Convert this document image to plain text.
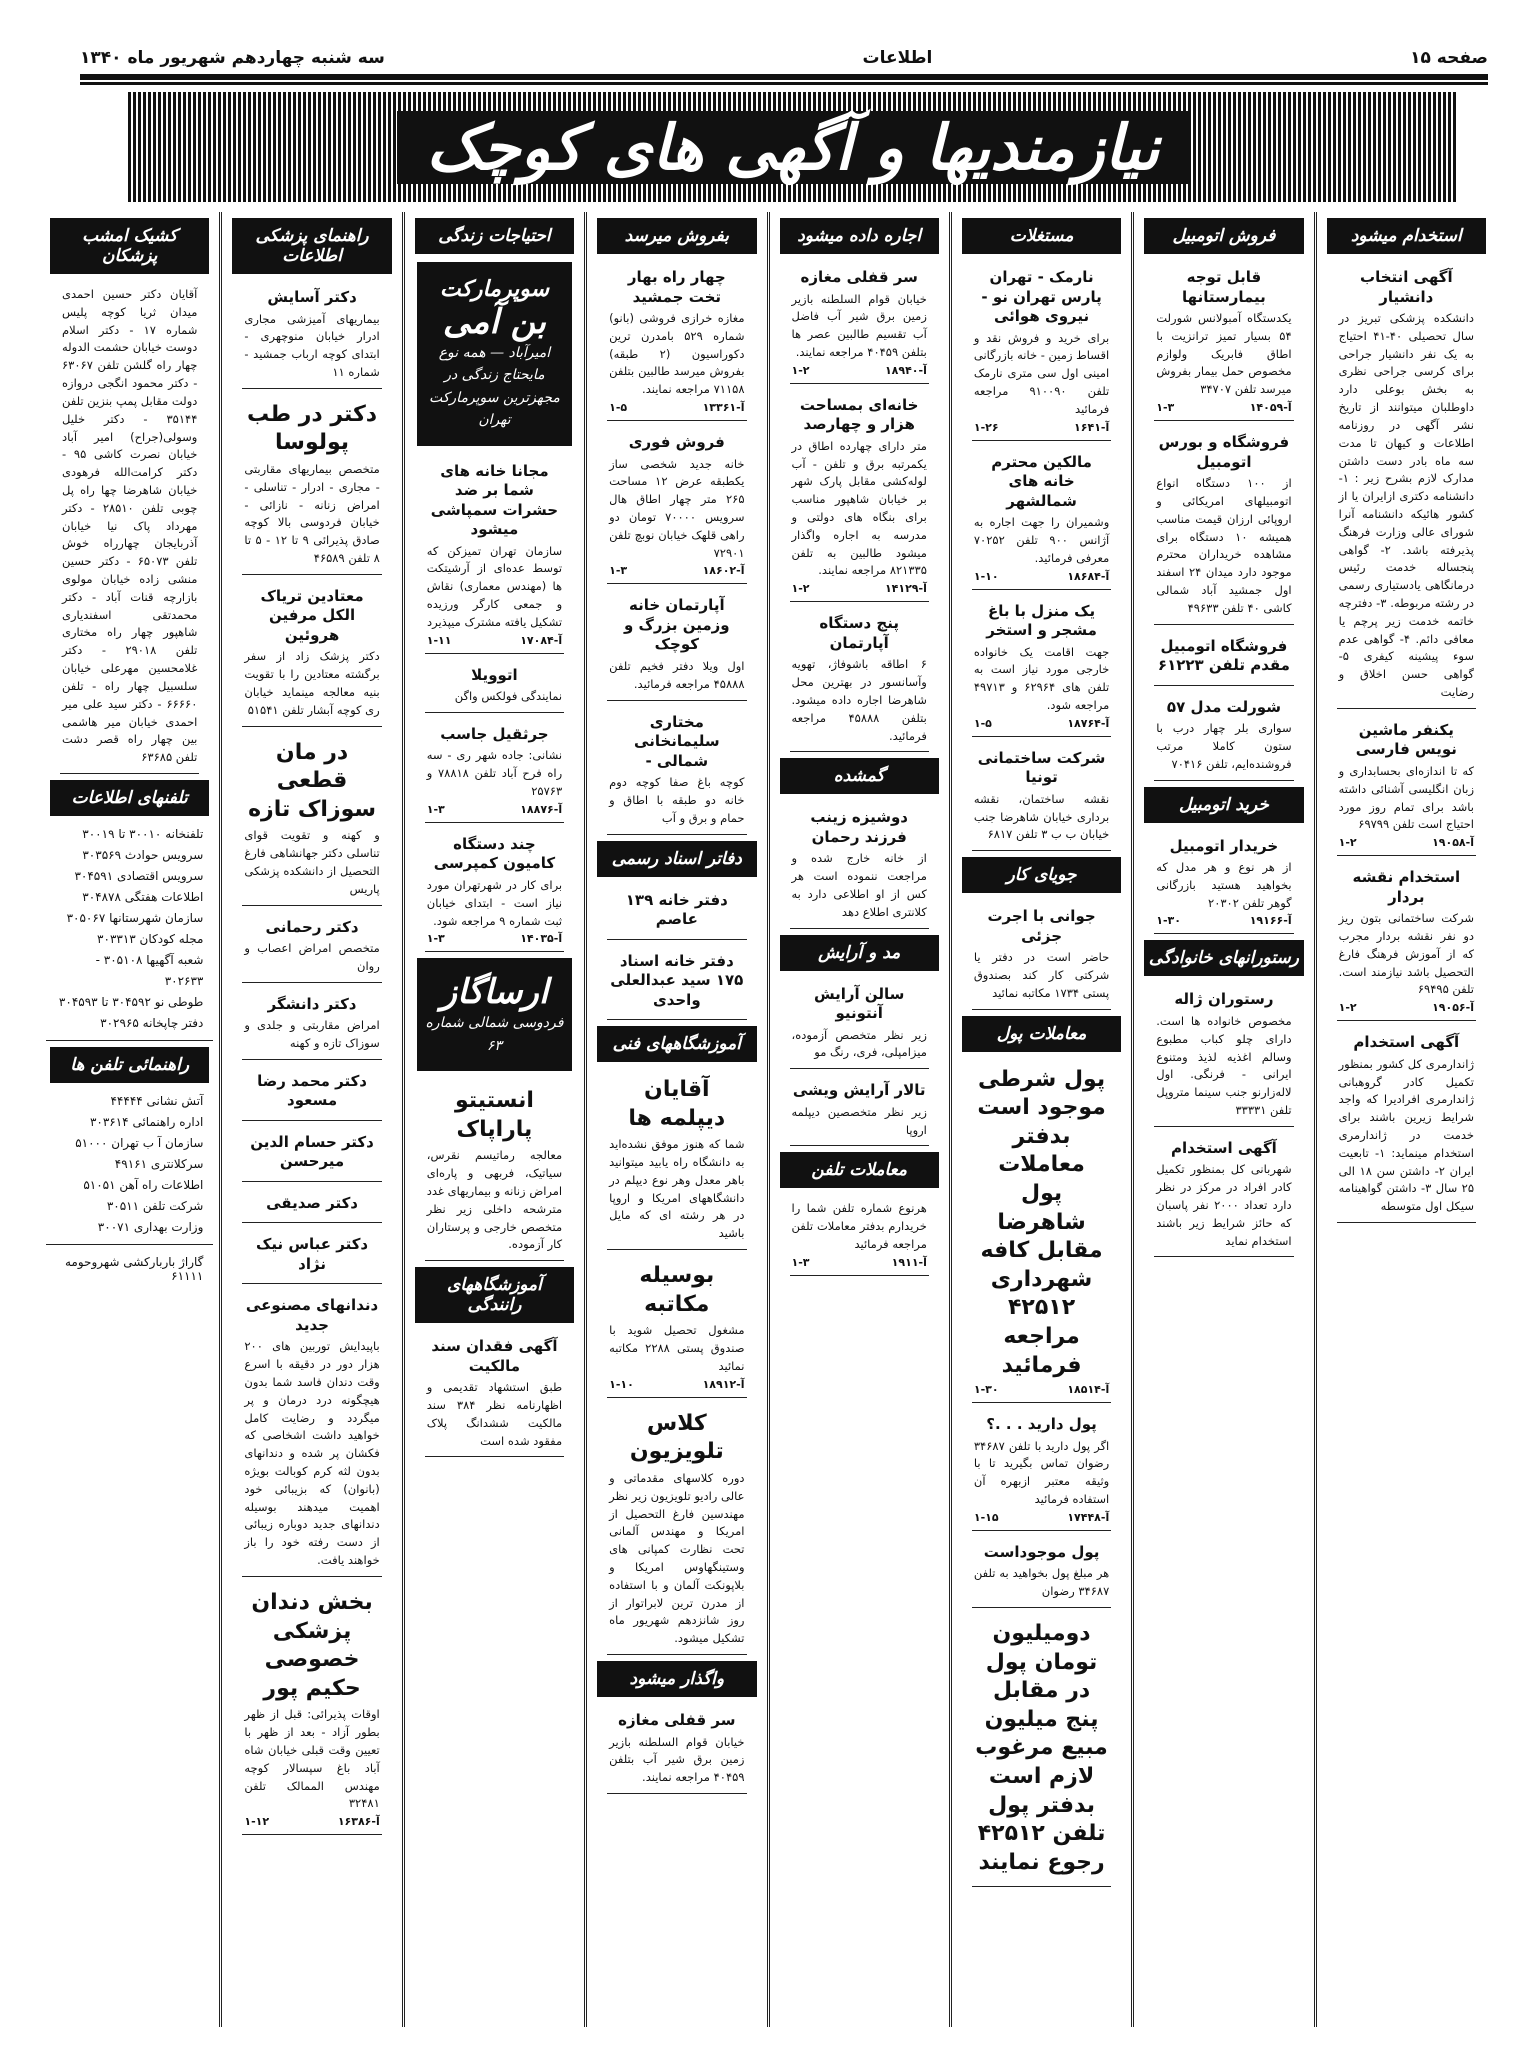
صفحه ۱۵
اطلاعات
سه شنبه چهاردهم شهریور ماه ۱۳۴۰
نیازمندیها و آگهی های کوچک
استخدام میشود
آگهی انتخاب دانشیار
دانشکده پزشکی تبریز در سال تحصیلی ۴۰-۴۱ احتیاج به یک نفر دانشیار جراحی برای کرسی جراحی نظری به بخش بوعلی دارد داوطلبان میتوانند از تاریخ نشر آگهی در روزنامه اطلاعات و کیهان تا مدت سه ماه بادر دست داشتن مدارک لازم بشرح زیر : ۱- دانشنامه دکتری ازایران یا از کشور هائیکه دانشنامه آنرا شورای عالی وزارت فرهنگ پذیرفته باشد. ۲- گواهی پنجساله خدمت رئیس درمانگاهی یادستیاری رسمی در رشته مربوطه. ۳- دفترچه خاتمه خدمت زیر پرچم یا معافی دائم. ۴- گواهی عدم سوء پیشینه کیفری ۵- گواهی حسن اخلاق و رضایت
یکنفر ماشین نویس فارسی
که تا اندازه‌ای بحسابداری و زبان انگلیسی آشنائی داشته باشد برای تمام روز مورد احتیاج است تلفن ۶۹۷۹۹
آ-۱۹۰۵۸
۱-۲
استخدام نقشه بردار
شرکت ساختمانی بتون ریز دو نفر نقشه بردار مجرب که از آموزش فرهنگ فارغ التحصیل باشد نیازمند است. تلفن ۶۹۴۹۵
آ-۱۹۰۵۶
۱-۲
آگهی استخدام
ژاندارمری کل کشور بمنظور تکمیل کادر گروهبانی ژاندارمری افرادیرا که واجد شرایط زیرین باشند برای خدمت در ژاندارمری استخدام مینماید: ۱- تابعیت ایران ۲- داشتن سن ۱۸ الی ۲۵ سال ۳- داشتن گواهینامه سیکل اول متوسطه
فروش اتومبیل
قابل توجه بیمارستانها
یکدستگاه آمبولانس شورلت ۵۴ بسیار تمیز ترانزیت با اطاق فابریک ولوازم مخصوص حمل بیمار بفروش میرسد تلفن ۳۴۷۰۷
آ-۱۴۰۵۹
۱-۳
فروشگاه و بورس اتومبیل
از ۱۰۰ دستگاه انواع اتومبیلهای امریکائی و اروپائی ارزان قیمت مناسب همیشه ۱۰ دستگاه برای مشاهده خریداران محترم موجود دارد میدان ۲۴ اسفند اول جمشید آباد شمالی کاشی ۴۰ تلفن ۴۹۶۳۳
فروشگاه اتومبیل مقدم تلفن ۶۱۲۲۳
شورلت مدل ۵۷
سواری بلر چهار درب با ستون کاملا مرتب فروشنده‌ایم، تلفن ۷۰۴۱۶
خرید اتومبیل
خریدار اتومبیل
از هر نوع و هر مدل که بخواهید هستید بازرگانی گوهر تلفن ۲۰۳۰۲
آ-۱۹۱۶۶
۱-۳۰
رستورانهای خانوادگی
رستوران ژاله
مخصوص خانواده ها است. دارای چلو کباب مطبوع وسالم اغذیه لذیذ ومتنوع ایرانی - فرنگی. اول لاله‌زارنو جنب سینما متروپل تلفن ۳۳۳۳۱
آگهی استخدام
شهربانی کل بمنظور تکمیل کادر افراد در مرکز در نظر دارد تعداد ۲۰۰۰ نفر پاسبان که حائز شرایط زیر باشند استخدام نماید
مستغلات
نارمک - تهران پارس تهران نو - نیروی هوائی
برای خرید و فروش نقد و اقساط زمین - خانه بازرگانی امینی اول سی متری نارمک تلفن ۹۱۰۰۹۰ مراجعه فرمائید
آ-۱۶۴۱
۱-۲۶
مالکین محترم خانه های شمالشهر
وشمیران را جهت اجاره به آژانس ۹۰۰ تلفن ۷۰۲۵۲ معرفی فرمائید.
آ-۱۸۶۸۴
۱-۱۰
یک منزل با باغ مشجر و استخر
جهت اقامت یک خانواده خارجی مورد نیاز است به تلفن های ۶۲۹۶۴ و ۴۹۷۱۳ مراجعه شود.
آ-۱۸۷۶۴
۱-۵
شرکت ساختمانی تونیا
نقشه ساختمان، نقشه برداری خیابان شاهرضا جنب خیابان ب ب ۳ تلفن ۶۸۱۷
جویای کار
جوانی با اجرت جزئی
حاضر است در دفتر یا شرکتی کار کند بصندوق پستی ۱۷۳۴ مکاتبه نمائید
معاملات پول
پول شرطی موجود است بدفتر معاملات پول شاهرضا مقابل کافه شهرداری ۴۲۵۱۲ مراجعه فرمائید
آ-۱۸۵۱۴
۱-۳۰
پول دارید . . .؟
اگر پول دارید با تلفن ۳۴۶۸۷ رضوان تماس بگیرید تا با وثیقه معتبر ازبهره آن استفاده فرمائید
آ-۱۷۴۴۸
۱-۱۵
پول موجوداست
هر مبلغ پول بخواهید به تلفن ۳۴۶۸۷ رضوان
دومیلیون تومان پول در مقابل پنج میلیون مبیع مرغوب لازم است بدفتر پول تلفن ۴۲۵۱۲ رجوع نمایند
اجاره داده میشود
سر قفلی مغازه
خیابان قوام السلطنه بازیر زمین برق شیر آب فاضل آب تقسیم طالبین عصر ها بتلفن ۴۰۴۵۹ مراجعه نمایند.
آ-۱۸۹۴۰
۱-۲
خانه‌ای بمساحت هزار و چهارصد
متر دارای چهارده اطاق در یکمرتبه برق و تلفن - آب لوله‌کشی مقابل پارک شهر بر خیابان شاهپور مناسب برای بنگاه های دولتی و مدرسه به اجاره واگذار میشود طالبین به تلفن ۸۲۱۳۳۵ مراجعه نمایند.
آ-۱۴۱۲۹
۱-۲
پنج دستگاه آپارتمان
۶ اطاقه باشوفاژ، تهویه وآسانسور در بهترین محل شاهرضا اجاره داده میشود. بتلفن ۴۵۸۸۸ مراجعه فرمائید.
گمشده
دوشیزه زینب فرزند رحمان
از خانه خارج شده و مراجعت ننموده است هر کس از او اطلاعی دارد به کلانتری اطلاع دهد
مد و آرایش
سالن آرایش آنتونیو
زیر نظر متخصص آزموده، میزامپلی، فری، رنگ مو
تالار آرایش ویشی
زیر نظر متخصصین دیپلمه اروپا
معاملات تلفن
هرنوع شماره تلفن شما را خریدارم بدفتر معاملات تلفن مراجعه فرمائید
آ-۱۹۱۱
۱-۳
بفروش میرسد
چهار راه بهار تخت جمشید
مغازه خرازی فروشی (بانو) شماره ۵۲۹ بامدرن ترین دکوراسیون (۲ طبقه) بفروش میرسد طالبین بتلفن ۷۱۱۵۸ مراجعه نمایند.
آ-۱۳۳۶۱
۱-۵
فروش فوری
خانه جدید شخصی ساز یکطبقه عرض ۱۲ مساحت ۲۶۵ متر چهار اطاق هال سرویس ۷۰۰۰۰ تومان دو راهی قلهک خیابان نوبچ تلفن ۷۲۹۰۱
آ-۱۸۶۰۲
۱-۳
آپارتمان خانه وزمین بزرگ و کوچک
اول ویلا دفتر فخیم تلفن ۴۵۸۸۸ مراجعه فرمائید.
مختاری سلیمانخانی شمالی -
کوچه باغ صفا کوچه دوم خانه دو طبقه با اطاق و حمام و برق و آب
دفاتر اسناد رسمی
دفتر خانه ۱۳۹ عاصم
دفتر خانه اسناد ۱۷۵ سید عبدالعلی واحدی
آموزشگاههای فنی
آقایان دیپلمه ها
شما که هنوز موفق نشده‌اید به دانشگاه راه یابید میتوانید باهر معدل وهر نوع دیپلم در دانشگاههای امریکا و اروپا در هر رشته ای که مایل باشید
بوسیله مکاتبه
مشغول تحصیل شوید با صندوق پستی ۲۲۸۸ مکاتبه نمائید
آ-۱۸۹۱۲
۱-۱۰
کلاس تلویزیون
دوره کلاسهای مقدماتی و عالی رادیو تلویزیون زیر نظر مهندسین فارغ التحصیل از امریکا و مهندس آلمانی تحت نظارت کمپانی های وستینگهاوس امریکا و بلاپونکت آلمان و با استفاده از مدرن ترین لابراتوار از روز شانزدهم شهریور ماه تشکیل میشود.
واگذار میشود
سر قفلی مغازه
خیابان قوام السلطنه بازیر زمین برق شیر آب بتلفن ۴۰۴۵۹ مراجعه نمایند.
احتیاجات زندگی
سوپرمارکت
بن آمی
امیرآباد — همه نوع مایحتاج زندگی در مجهزترین سوپرمارکت تهران
مجانا خانه های شما بر ضد حشرات سمپاشی میشود
سازمان تهران تمیزکن که توسط عده‌ای از آرشیتکت ها (مهندس معماری) نقاش و جمعی کارگر ورزیده تشکیل یافته مشترک میپذیرد
آ-۱۷۰۸۴
۱-۱۱
اتوویلا
نمایندگی فولکس واگن
جرثقیل جاسب
نشانی: جاده شهر ری - سه راه فرح آباد تلفن ۷۸۸۱۸ و ۲۵۷۶۳
آ-۱۸۸۷۶
۱-۳
چند دستگاه کامیون کمپرسی
برای کار در شهرتهران مورد نیاز است - ابتدای خیابان ثبت شماره ۹ مراجعه شود.
آ-۱۴۰۳۵
۱-۳
ارساگاز
فردوسی شمالی شماره ۶۳
انستیتو پاراپاک
معالجه رماتیسم نقرس، سیاتیک، فربهی و پاره‌ای امراض زنانه و بیماریهای غدد مترشحه داخلی زیر نظر متخصص خارجی و پرستاران کار آزموده.
آموزشگاههای رانندگی
آگهی فقدان سند مالکیت
طبق استشهاد تقدیمی و اظهارنامه نظر ۳۸۴ سند مالکیت ششدانگ پلاک مفقود شده است
راهنمای پزشکی اطلاعات
دکتر آسایش
بیماریهای آمیزشی مجاری ادرار خیابان منوچهری - ابتدای کوچه ارباب جمشید - شماره ۱۱
دکتر در طب پولوسا
متخصص بیماریهای مقاربتی - مجاری - ادرار - تناسلی - امراض زنانه - نازائی - خیابان فردوسی بالا کوچه صادق پذیرائی ۹ تا ۱۲ - ۵ تا ۸ تلفن ۴۶۵۸۹
معتادین تریاک الکل مرفین هروئین
دکتر پزشک زاد از سفر برگشته معتادین را با تقویت بنیه معالجه مینماید خیابان ری کوچه آبشار تلفن ۵۱۵۴۱
در مان قطعی سوزاک تازه
و کهنه و تقویت قوای تناسلی دکتر جهانشاهی فارغ التحصیل از دانشکده پزشکی پاریس
دکتر رحمانی
متخصص امراض اعصاب و روان
دکتر دانشگر
امراض مقاربتی و جلدی و سوزاک تازه و کهنه
دکتر محمد رضا مسعود
دکتر حسام الدین میرحسن
دکتر صدیقی
دکتر عباس نیک نژاد
دندانهای مصنوعی جدید
باپیدایش توربین های ۲۰۰ هزار دور در دقیقه با اسرع وقت دندان فاسد شما بدون هیچگونه درد درمان و پر میگردد و رضایت کامل خواهید داشت اشخاصی که فکشان پر شده و دندانهای بدون لثه کرم کوبالت بویژه (بانوان) که بزیبائی خود اهمیت میدهند بوسیله دندانهای جدید دوباره زیبائی از دست رفته خود را باز خواهند یافت.
بخش دندان پزشکی خصوصی حکیم پور
اوقات پذیرائی: قبل از ظهر بطور آزاد - بعد از ظهر با تعیین وقت قبلی خیابان شاه آباد باغ سپسالار کوچه مهندس الممالک تلفن ۳۲۴۸۱
آ-۱۶۳۸۶
۱-۱۲
کشیک امشب پزشکان
آقایان دکتر حسین احمدی میدان ثریا کوچه پلیس شماره ۱۷ - دکتر اسلام دوست خیابان حشمت الدوله چهار راه گلشن تلفن ۶۳۰۶۷ - دکتر محمود انگجی دروازه دولت مقابل پمپ بنزین تلفن ۳۵۱۴۴ - دکتر خلیل وسولی(جراح) امیر آباد خیابان نصرت کاشی ۹۵ - دکتر کرامت‌الله فرهودی خیابان شاهرضا چها راه پل چوبی تلفن ۲۸۵۱۰ - دکتر مهرداد پاک نیا خیابان آذربایجان چهارراه خوش تلفن ۶۵۰۷۳ - دکتر حسین منشی زاده خیابان مولوی بازارچه قنات آباد - دکتر محمدتقی اسفندیاری شاهپور چهار راه مختاری تلفن ۲۹۰۱۸ - دکتر غلامحسین مهرعلی خیابان سلسبیل چهار راه - تلفن ۶۶۶۶۰ - دکتر سید علی میر احمدی خیابان میر هاشمی بین چهار راه قصر دشت تلفن ۶۳۶۸۵
تلفنهای اطلاعات
تلفنخانه ۳۰۰۱۰ تا ۳۰۰۱۹
سرویس حوادث ۳۰۳۵۶۹
سرویس اقتصادی ۳۰۴۵۹۱
اطلاعات هفتگی ۳۰۴۸۷۸
سازمان شهرستانها ۳۰۵۰۶۷
مجله کودکان ۳۰۳۳۱۳
شعبه آگهیها ۳۰۵۱۰۸ - ۳۰۲۶۳۳
طوطی نو ۳۰۴۵۹۲ تا ۳۰۴۵۹۳
دفتر چاپخانه ۳۰۲۹۶۵
راهنمائی تلفن ها
آتش نشانی ۴۴۴۴۴
اداره راهنمائی ۳۰۳۶۱۴
سازمان آ ب تهران ۵۱۰۰۰
سرکلانتری ۴۹۱۶۱
اطلاعات راه آهن ۵۱۰۵۱
شرکت تلفن ۳۰۵۱۱
وزارت بهداری ۳۰۰۷۱
گاراژ باربارکشی شهروحومه ۶۱۱۱۱
